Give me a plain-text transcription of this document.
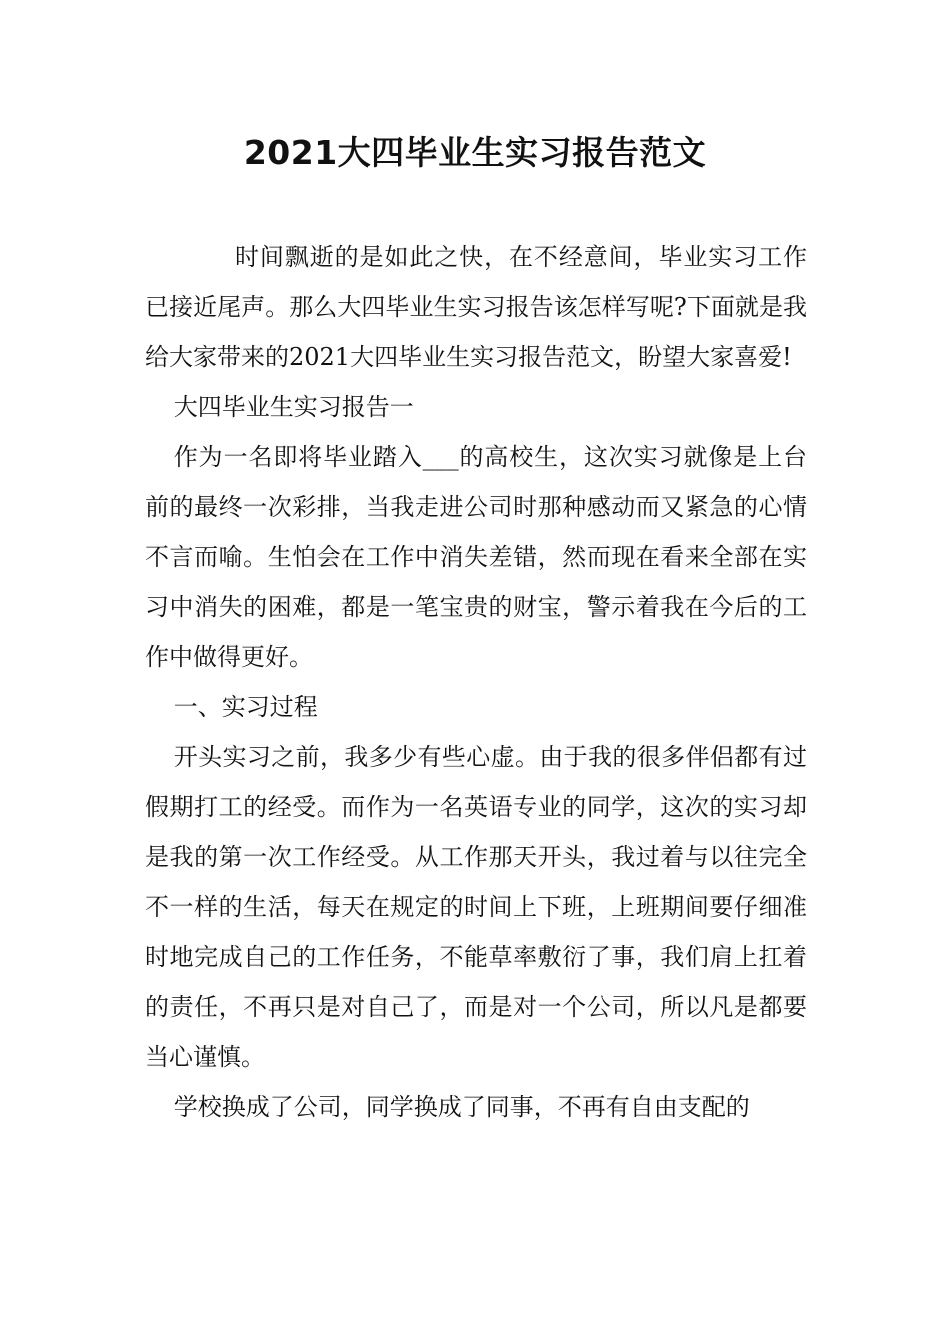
2021大四毕业生实习报告范文

时间飘逝的是如此之快，在不经意间，毕业实习工作已接近尾声。那么大四毕业生实习报告该怎样写呢?下面就是我给大家带来的2021大四毕业生实习报告范文，盼望大家喜爱!

大四毕业生实习报告一

作为一名即将毕业踏入___的高校生，这次实习就像是上台前的最终一次彩排，当我走进公司时那种感动而又紧急的心情不言而喻。生怕会在工作中消失差错，然而现在看来全部在实习中消失的困难，都是一笔宝贵的财宝，警示着我在今后的工作中做得更好。

一、实习过程

开头实习之前，我多少有些心虚。由于我的很多伴侣都有过假期打工的经受。而作为一名英语专业的同学，这次的实习却是我的第一次工作经受。从工作那天开头，我过着与以往完全不一样的生活，每天在规定的时间上下班，上班期间要仔细准时地完成自己的工作任务，不能草率敷衍了事，我们肩上扛着的责任，不再只是对自己了，而是对一个公司，所以凡是都要当心谨慎。

学校换成了公司，同学换成了同事，不再有自由支配的
